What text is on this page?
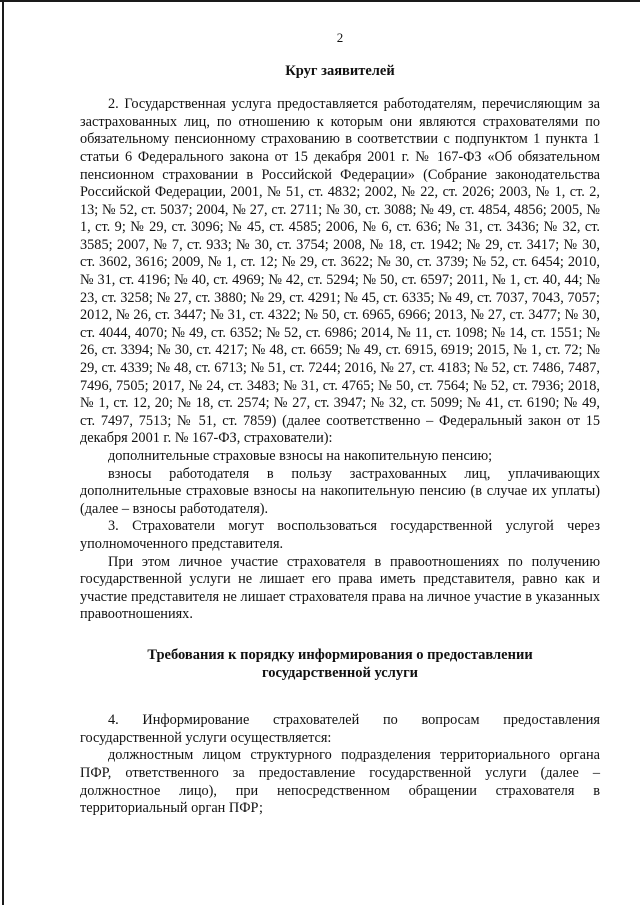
2
Круг заявителей

2. Государственная услуга предоставляется работодателям, перечисляющим за застрахованных лиц, по отношению к которым они являются страхователями по обязательному пенсионному страхованию в соответствии с подпунктом 1 пункта 1 статьи 6 Федерального закона от 15 декабря 2001 г. № 167-ФЗ «Об обязательном пенсионном страховании в Российской Федерации» (Собрание законодательства Российской Федерации, 2001, № 51, ст. 4832; 2002, № 22, ст. 2026; 2003, № 1, ст. 2, 13; № 52, ст. 5037; 2004, № 27, ст. 2711; № 30, ст. 3088; № 49, ст. 4854, 4856; 2005, № 1, ст. 9; № 29, ст. 3096; № 45, ст. 4585; 2006, № 6, ст. 636; № 31, ст. 3436; № 32, ст. 3585; 2007, № 7, ст. 933; № 30, ст. 3754; 2008, № 18, ст. 1942; № 29, ст. 3417; № 30, ст. 3602, 3616; 2009, № 1, ст. 12; № 29, ст. 3622; № 30, ст. 3739; № 52, ст. 6454; 2010, № 31, ст. 4196; № 40, ст. 4969; № 42, ст. 5294; № 50, ст. 6597; 2011, № 1, ст. 40, 44; № 23, ст. 3258; № 27, ст. 3880; № 29, ст. 4291; № 45, ст. 6335; № 49, ст. 7037, 7043, 7057; 2012, № 26, ст. 3447; № 31, ст. 4322; № 50, ст. 6965, 6966; 2013, № 27, ст. 3477; № 30, ст. 4044, 4070; № 49, ст. 6352; № 52, ст. 6986; 2014, № 11, ст. 1098; № 14, ст. 1551; № 26, ст. 3394; № 30, ст. 4217; № 48, ст. 6659; № 49, ст. 6915, 6919; 2015, № 1, ст. 72; № 29, ст. 4339; № 48, ст. 6713; № 51, ст. 7244; 2016, № 27, ст. 4183; № 52, ст. 7486, 7487, 7496, 7505; 2017, № 24, ст. 3483; № 31, ст. 4765; № 50, ст. 7564; № 52, ст. 7936; 2018, № 1, ст. 12, 20; № 18, ст. 2574; № 27, ст. 3947; № 32, ст. 5099; № 41, ст. 6190; № 49, ст. 7497, 7513; № 51, ст. 7859) (далее соответственно – Федеральный закон от 15 декабря 2001 г. № 167-ФЗ, страхователи):

дополнительные страховые взносы на накопительную пенсию;

взносы работодателя в пользу застрахованных лиц, уплачивающих дополнительные страховые взносы на накопительную пенсию (в случае их уплаты) (далее – взносы работодателя).

3. Страхователи могут воспользоваться государственной услугой через уполномоченного представителя.

При этом личное участие страхователя в правоотношениях по получению государственной услуги не лишает его права иметь представителя, равно как и участие представителя не лишает страхователя права на личное участие в указанных правоотношениях.

Требования к порядку информирования о предоставлении
государственной услуги

4. Информирование страхователей по вопросам предоставления государственной услуги осуществляется:

должностным лицом структурного подразделения территориального органа ПФР, ответственного за предоставление государственной услуги (далее – должностное лицо), при непосредственном обращении страхователя в территориальный орган ПФР;
